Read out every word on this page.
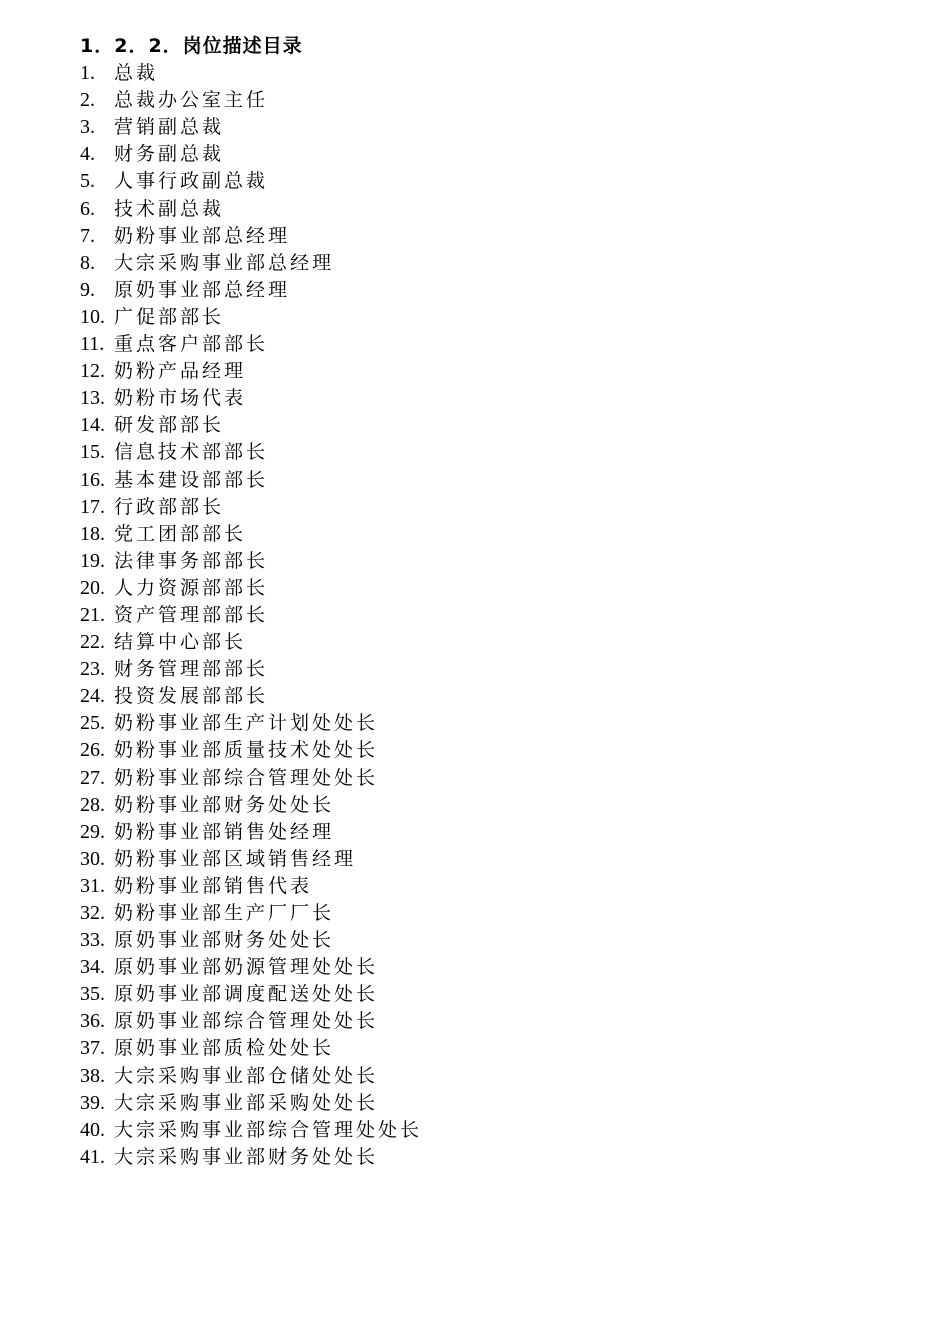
1．2．2．岗位描述目录
1. 总裁
2. 总裁办公室主任
3. 营销副总裁
4. 财务副总裁
5. 人事行政副总裁
6. 技术副总裁
7. 奶粉事业部总经理
8. 大宗采购事业部总经理
9. 原奶事业部总经理
10. 广促部部长
11. 重点客户部部长
12. 奶粉产品经理
13. 奶粉市场代表
14. 研发部部长
15. 信息技术部部长
16. 基本建设部部长
17. 行政部部长
18. 党工团部部长
19. 法律事务部部长
20. 人力资源部部长
21. 资产管理部部长
22. 结算中心部长
23. 财务管理部部长
24. 投资发展部部长
25. 奶粉事业部生产计划处处长
26. 奶粉事业部质量技术处处长
27. 奶粉事业部综合管理处处长
28. 奶粉事业部财务处处长
29. 奶粉事业部销售处经理
30. 奶粉事业部区域销售经理
31. 奶粉事业部销售代表
32. 奶粉事业部生产厂厂长
33. 原奶事业部财务处处长
34. 原奶事业部奶源管理处处长
35. 原奶事业部调度配送处处长
36. 原奶事业部综合管理处处长
37. 原奶事业部质检处处长
38. 大宗采购事业部仓储处处长
39. 大宗采购事业部采购处处长
40. 大宗采购事业部综合管理处处长
41. 大宗采购事业部财务处处长
